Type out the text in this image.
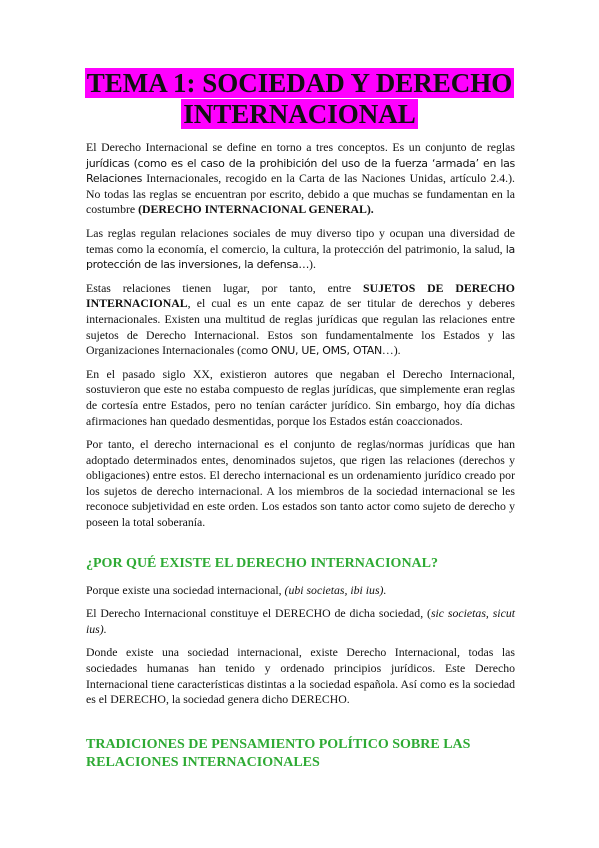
TEMA 1: SOCIEDAD Y DERECHO
INTERNACIONAL

El Derecho Internacional se define en torno a tres conceptos. Es un conjunto de reglas jurídicas (como es el caso de la prohibición del uso de la fuerza ‘armada’ en las Relaciones Internacionales, recogido en la Carta de las Naciones Unidas, artículo 2.4.). No todas las reglas se encuentran por escrito, debido a que muchas se fundamentan en la costumbre (DERECHO INTERNACIONAL GENERAL).

Las reglas regulan relaciones sociales de muy diverso tipo y ocupan una diversidad de temas como la economía, el comercio, la cultura, la protección del patrimonio, la salud, la protección de las inversiones, la defensa…).

Estas relaciones tienen lugar, por tanto, entre SUJETOS DE DERECHO INTERNACIONAL, el cual es un ente capaz de ser titular de derechos y deberes internacionales. Existen una multitud de reglas jurídicas que regulan las relaciones entre sujetos de Derecho Internacional. Estos son fundamentalmente los Estados y las Organizaciones Internacionales (como ONU, UE, OMS, OTAN…).

En el pasado siglo XX, existieron autores que negaban el Derecho Internacional, sostuvieron que este no estaba compuesto de reglas jurídicas, que simplemente eran reglas de cortesía entre Estados, pero no tenían carácter jurídico. Sin embargo, hoy día dichas afirmaciones han quedado desmentidas, porque los Estados están coaccionados.

Por tanto, el derecho internacional es el conjunto de reglas/normas jurídicas que han adoptado determinados entes, denominados sujetos, que rigen las relaciones (derechos y obligaciones) entre estos. El derecho internacional es un ordenamiento jurídico creado por los sujetos de derecho internacional. A los miembros de la sociedad internacional se les reconoce subjetividad en este orden. Los estados son tanto actor como sujeto de derecho y poseen la total soberanía.

¿POR QUÉ EXISTE EL DERECHO INTERNACIONAL?

Porque existe una sociedad internacional, (ubi societas, ibi ius).

El Derecho Internacional constituye el DERECHO de dicha sociedad, (sic societas, sicut ius).

Donde existe una sociedad internacional, existe Derecho Internacional, todas las sociedades humanas han tenido y ordenado principios jurídicos. Este Derecho Internacional tiene características distintas a la sociedad española. Así como es la sociedad es el DERECHO, la sociedad genera dicho DERECHO.

TRADICIONES DE PENSAMIENTO POLÍTICO SOBRE LAS RELACIONES INTERNACIONALES
